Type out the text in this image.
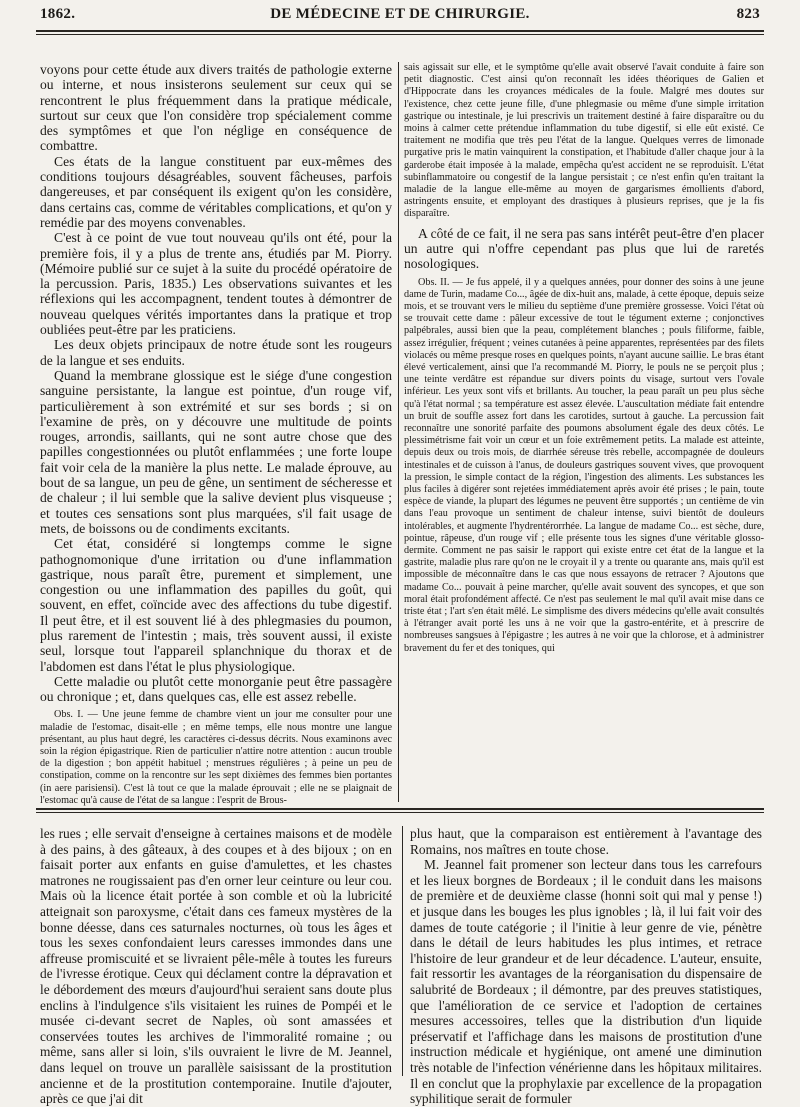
1862.	DE MÉDECINE ET DE CHIRURGIE.	823

voyons pour cette étude aux divers traités de pathologie externe ou interne, et nous insisterons seulement sur ceux qui se rencontrent le plus fréquemment dans la pratique médicale, surtout sur ceux que l'on considère trop spécialement comme des symptômes et que l'on néglige en conséquence de combattre.

Ces états de la langue constituent par eux-mêmes des conditions toujours désagréables, souvent fâcheuses, parfois dangereuses, et par conséquent ils exigent qu'on les considère, dans certains cas, comme de véritables complications, et qu'on y remédie par des moyens convenables.

C'est à ce point de vue tout nouveau qu'ils ont été, pour la première fois, il y a plus de trente ans, étudiés par M. Piorry. (Mémoire publié sur ce sujet à la suite du procédé opératoire de la percussion. Paris, 1835.) Les observations suivantes et les réflexions qui les accompagnent, tendent toutes à démontrer de nouveau quelques vérités importantes dans la pratique et trop oubliées peut-être par les praticiens.

Les deux objets principaux de notre étude sont les rougeurs de la langue et ses enduits.

Quand la membrane glossique est le siége d'une congestion sanguine persistante, la langue est pointue, d'un rouge vif, particulièrement à son extrémité et sur ses bords ; si on l'examine de près, on y découvre une multitude de points rouges, arrondis, saillants, qui ne sont autre chose que des papilles congestionnées ou plutôt enflammées ; une forte loupe fait voir cela de la manière la plus nette. Le malade éprouve, au bout de sa langue, un peu de gêne, un sentiment de sécheresse et de chaleur ; il lui semble que la salive devient plus visqueuse ; et toutes ces sensations sont plus marquées, s'il fait usage de mets, de boissons ou de condiments excitants.

Cet état, considéré si longtemps comme le signe pathognomonique d'une irritation ou d'une inflammation gastrique, nous paraît être, purement et simplement, une congestion ou une inflammation des papilles du goût, qui souvent, en effet, coïncide avec des affections du tube digestif. Il peut être, et il est souvent lié à des phlegmasies du poumon, plus rarement de l'intestin ; mais, très souvent aussi, il existe seul, lorsque tout l'appareil splanchnique du thorax et de l'abdomen est dans l'état le plus physiologique.

Cette maladie ou plutôt cette monorganie peut être passagère ou chronique ; et, dans quelques cas, elle est assez rebelle.

Obs. I. — Une jeune femme de chambre vient un jour me consulter pour une maladie de l'estomac, disait-elle ; en même temps, elle nous montre une langue présentant, au plus haut degré, les caractères ci-dessus décrits. Nous examinons avec soin la région épigastrique. Rien de particulier n'attire notre attention : aucun trouble de la digestion ; bon appétit habituel ; menstrues régulières ; à peine un peu de constipation, comme on la rencontre sur les sept dixièmes des femmes bien portantes (in aere parisiensi). C'est là tout ce que la malade éprouvait ; elle ne se plaignait de l'estomac qu'à cause de l'état de sa langue : l'esprit de Brous-

sais agissait sur elle, et le symptôme qu'elle avait observé l'avait conduite à faire son petit diagnostic. C'est ainsi qu'on reconnaît les idées théoriques de Galien et d'Hippocrate dans les croyances médicales de la foule. Malgré mes doutes sur l'existence, chez cette jeune fille, d'une phlegmasie ou même d'une simple irritation gastrique ou intestinale, je lui prescrivis un traitement destiné à faire disparaître ou du moins à calmer cette prétendue inflammation du tube digestif, si elle eût existé. Ce traitement ne modifia que très peu l'état de la langue. Quelques verres de limonade purgative pris le matin vainquirent la constipation, et l'habitude d'aller chaque jour à la garderobe était imposée à la malade, empêcha qu'est accident ne se reproduisît. L'état subinflammatoire ou congestif de la langue persistait ; ce n'est enfin qu'en traitant la maladie de la langue elle-même au moyen de gargarismes émollients d'abord, astringents ensuite, et employant des drastiques à plusieurs reprises, que je la fis disparaître.

A côté de ce fait, il ne sera pas sans intérêt peut-être d'en placer un autre qui n'offre cependant pas plus que lui de raretés nosologiques.

Obs. II. — Je fus appelé, il y a quelques années, pour donner des soins à une jeune dame de Turin, madame Co..., âgée de dix-huit ans, malade, à cette époque, depuis seize mois, et se trouvant vers le milieu du septième d'une première grossesse. Voici l'état où se trouvait cette dame : pâleur excessive de tout le tégument externe ; conjonctives palpébrales, aussi bien que la peau, complétement blanches ; pouls filiforme, faible, assez irrégulier, fréquent ; veines cutanées à peine apparentes, représentées par des filets violacés ou même presque roses en quelques points, n'ayant aucune saillie. Le bras étant élevé verticalement, ainsi que l'a recommandé M. Piorry, le pouls ne se perçoit plus ; une teinte verdâtre est répandue sur divers points du visage, surtout vers l'ovale inférieur. Les yeux sont vifs et brillants. Au toucher, la peau paraît un peu plus sèche qu'à l'état normal ; sa température est assez élevée. L'auscultation médiate fait entendre un bruit de souffle assez fort dans les carotides, surtout à gauche. La percussion fait reconnaître une sonorité parfaite des poumons absolument égale des deux côtés. Le plessimétrisme fait voir un cœur et un foie extrêmement petits. La malade est atteinte, depuis deux ou trois mois, de diarrhée séreuse très rebelle, accompagnée de douleurs intestinales et de cuisson à l'anus, de douleurs gastriques souvent vives, que provoquent la pression, le simple contact de la région, l'ingestion des aliments. Les substances les plus faciles à digérer sont rejetées immédiatement après avoir été prises ; le pain, toute espèce de viande, la plupart des légumes ne peuvent être supportés ; un centième de vin dans l'eau provoque un sentiment de chaleur intense, suivi bientôt de douleurs intolérables, et augmente l'hydrentérorrhée. La langue de madame Co... est sèche, dure, pointue, râpeuse, d'un rouge vif ; elle présente tous les signes d'une véritable glosso-dermite. Comment ne pas saisir le rapport qui existe entre cet état de la langue et la gastrite, maladie plus rare qu'on ne le croyait il y a trente ou quarante ans, mais qu'il est impossible de méconnaître dans le cas que nous essayons de retracer ? Ajoutons que madame Co... pouvait à peine marcher, qu'elle avait souvent des syncopes, et que son moral était profondément affecté. Ce n'est pas seulement le mal qu'il avait mise dans ce triste état ; l'art s'en était mêlé. Le simplisme des divers médecins qu'elle avait consultés à l'étranger avait porté les uns à ne voir que la gastro-entérite, et à prescrire de nombreuses sangsues à l'épigastre ; les autres à ne voir que la chlorose, et à administrer bravement du fer et des toniques, qui

les rues ; elle servait d'enseigne à certaines maisons et de modèle à des pains, à des gâteaux, à des coupes et à des bijoux ; on en faisait porter aux enfants en guise d'amulettes, et les chastes matrones ne rougissaient pas d'en orner leur ceinture ou leur cou. Mais où la licence était portée à son comble et où la lubricité atteignait son paroxysme, c'était dans ces fameux mystères de la bonne déesse, dans ces saturnales nocturnes, où tous les âges et tous les sexes confondaient leurs caresses immondes dans une affreuse promiscuité et se livraient pêle-mêle à toutes les fureurs de l'ivresse érotique. Ceux qui déclament contre la dépravation et le débordement des mœurs d'aujourd'hui seraient sans doute plus enclins à l'indulgence s'ils visitaient les ruines de Pompéi et le musée ci-devant secret de Naples, où sont amassées et conservées toutes les archives de l'immoralité romaine ; ou même, sans aller si loin, s'ils ouvraient le livre de M. Jeannel, dans lequel on trouve un parallèle saisissant de la prostitution ancienne et de la prostitution contemporaine. Inutile d'ajouter, après ce que j'ai dit

plus haut, que la comparaison est entièrement à l'avantage des Romains, nos maîtres en toute chose.

M. Jeannel fait promener son lecteur dans tous les carrefours et les lieux borgnes de Bordeaux ; il le conduit dans les maisons de première et de deuxième classe (honni soit qui mal y pense !) et jusque dans les bouges les plus ignobles ; là, il lui fait voir des dames de toute catégorie ; il l'initie à leur genre de vie, pénètre dans le détail de leurs habitudes les plus intimes, et retrace l'histoire de leur grandeur et de leur décadence. L'auteur, ensuite, fait ressortir les avantages de la réorganisation du dispensaire de salubrité de Bordeaux ; il démontre, par des preuves statistiques, que l'amélioration de ce service et l'adoption de certaines mesures accessoires, telles que la distribution d'un liquide préservatif et l'affichage dans les maisons de prostitution d'une instruction médicale et hygiénique, ont amené une diminution très notable de l'infection vénérienne dans les hôpitaux militaires. Il en conclut que la prophylaxie par excellence de la propagation syphilitique serait de formuler
